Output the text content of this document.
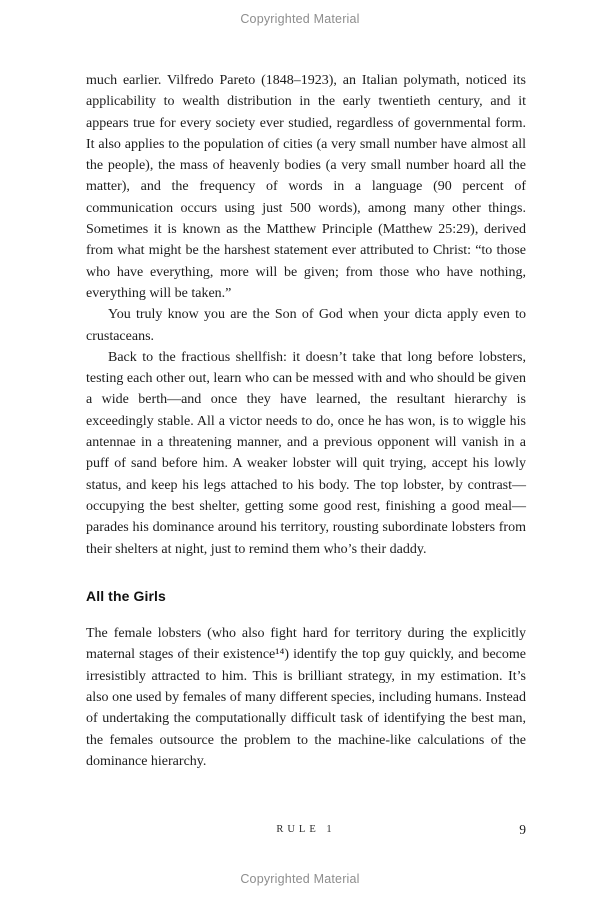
Copyrighted Material

much earlier. Vilfredo Pareto (1848–1923), an Italian polymath, noticed its applicability to wealth distribution in the early twentieth century, and it appears true for every society ever studied, regardless of governmental form. It also applies to the population of cities (a very small number have almost all the people), the mass of heavenly bodies (a very small number hoard all the matter), and the frequency of words in a language (90 percent of communication occurs using just 500 words), among many other things. Sometimes it is known as the Matthew Principle (Matthew 25:29), derived from what might be the harshest statement ever attributed to Christ: “to those who have everything, more will be given; from those who have nothing, everything will be taken.”

You truly know you are the Son of God when your dicta apply even to crustaceans.

Back to the fractious shellfish: it doesn’t take that long before lobsters, testing each other out, learn who can be messed with and who should be given a wide berth—and once they have learned, the resultant hierarchy is exceedingly stable. All a victor needs to do, once he has won, is to wiggle his antennae in a threatening manner, and a previous opponent will vanish in a puff of sand before him. A weaker lobster will quit trying, accept his lowly status, and keep his legs attached to his body. The top lobster, by contrast—occupying the best shelter, getting some good rest, finishing a good meal—parades his dominance around his territory, rousting subordinate lobsters from their shelters at night, just to remind them who’s their daddy.

All the Girls

The female lobsters (who also fight hard for territory during the explicitly maternal stages of their existence¹⁴) identify the top guy quickly, and become irresistibly attracted to him. This is brilliant strategy, in my estimation. It’s also one used by females of many different species, including humans. Instead of undertaking the computationally difficult task of identifying the best man, the females outsource the problem to the machine-like calculations of the dominance hierarchy.

RULE 1	9
Copyrighted Material
